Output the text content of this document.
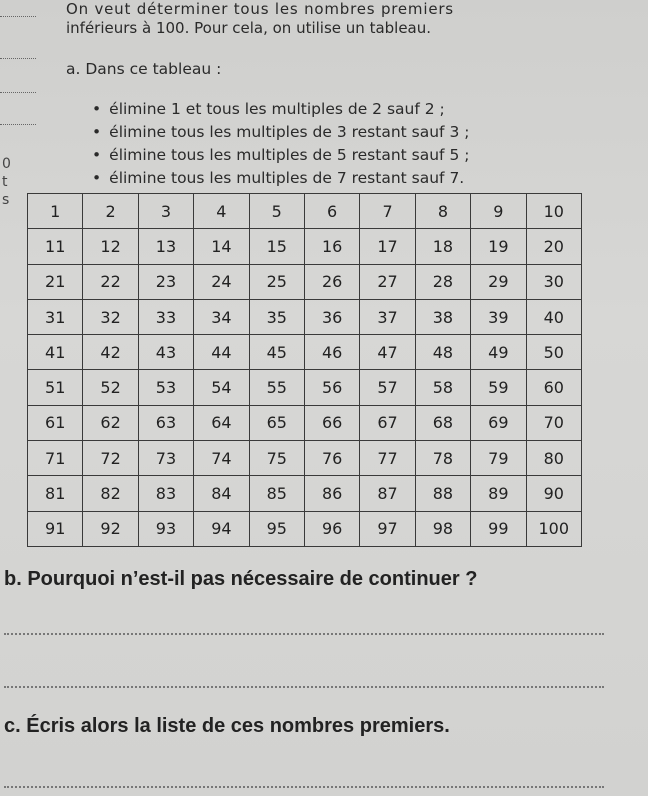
On veut déterminer tous les nombres premiers
inférieurs à 100. Pour cela, on utilise un tableau.
a. Dans ce tableau :
• élimine 1 et tous les multiples de 2 sauf 2 ;
• élimine tous les multiples de 3 restant sauf 3 ;
• élimine tous les multiples de 5 restant sauf 5 ;
• élimine tous les multiples de 7 restant sauf 7.
0
t
s
1	2	3	4	5	6	7	8	9	10
11	12	13	14	15	16	17	18	19	20
21	22	23	24	25	26	27	28	29	30
31	32	33	34	35	36	37	38	39	40
41	42	43	44	45	46	47	48	49	50
51	52	53	54	55	56	57	58	59	60
61	62	63	64	65	66	67	68	69	70
71	72	73	74	75	76	77	78	79	80
81	82	83	84	85	86	87	88	89	90
91	92	93	94	95	96	97	98	99	100
b. Pourquoi n’est-il pas nécessaire de continuer ?
c. Écris alors la liste de ces nombres premiers.
